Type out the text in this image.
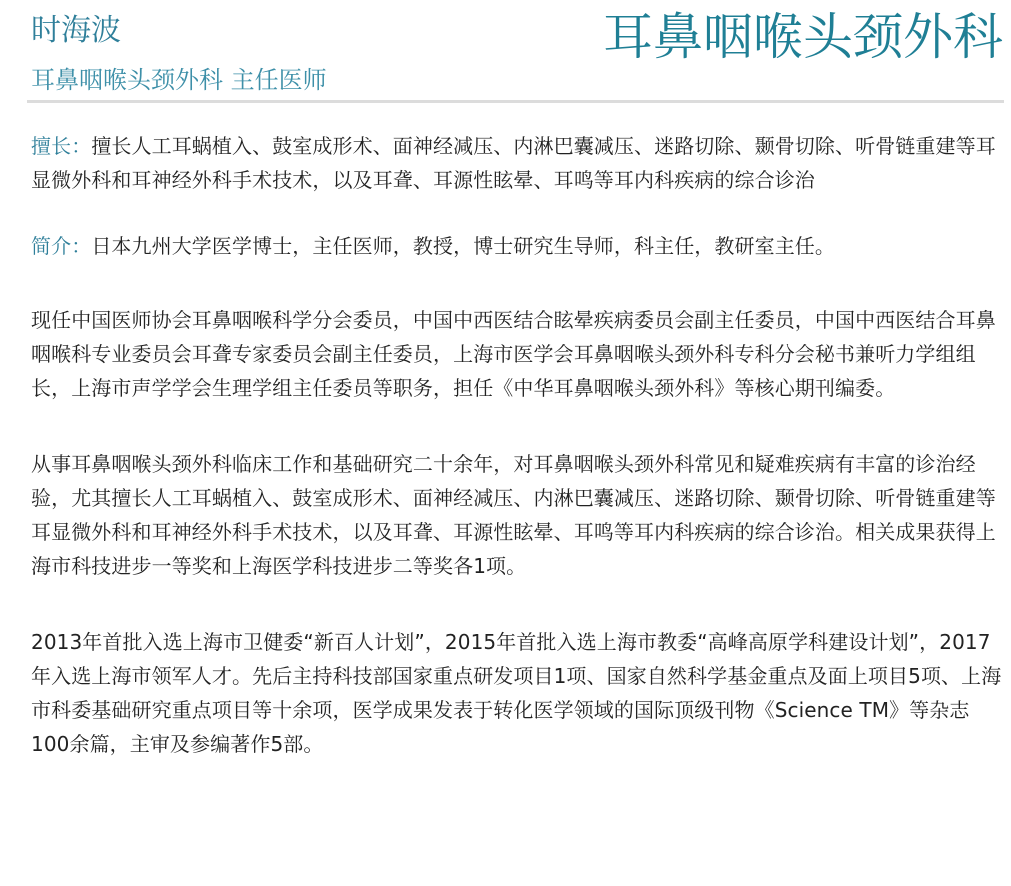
时海波
耳鼻咽喉头颈外科 主任医师
耳鼻咽喉头颈外科

擅长：擅长人工耳蜗植入、鼓室成形术、面神经减压、内淋巴囊减压、迷路切除、颞骨切除、听骨链重建等耳显微外科和耳神经外科手术技术，以及耳聋、耳源性眩晕、耳鸣等耳内科疾病的综合诊治

简介：日本九州大学医学博士，主任医师，教授，博士研究生导师，科主任，教研室主任。

现任中国医师协会耳鼻咽喉科学分会委员，中国中西医结合眩晕疾病委员会副主任委员，中国中西医结合耳鼻咽喉科专业委员会耳聋专家委员会副主任委员，上海市医学会耳鼻咽喉头颈外科专科分会秘书兼听力学组组长，上海市声学学会生理学组主任委员等职务，担任《中华耳鼻咽喉头颈外科》等核心期刊编委。

从事耳鼻咽喉头颈外科临床工作和基础研究二十余年，对耳鼻咽喉头颈外科常见和疑难疾病有丰富的诊治经验，尤其擅长人工耳蜗植入、鼓室成形术、面神经减压、内淋巴囊减压、迷路切除、颞骨切除、听骨链重建等耳显微外科和耳神经外科手术技术，以及耳聋、耳源性眩晕、耳鸣等耳内科疾病的综合诊治。相关成果获得上海市科技进步一等奖和上海医学科技进步二等奖各1项。

2013年首批入选上海市卫健委“新百人计划”，2015年首批入选上海市教委“高峰高原学科建设计划”，2017年入选上海市领军人才。先后主持科技部国家重点研发项目1项、国家自然科学基金重点及面上项目5项、上海市科委基础研究重点项目等十余项，医学成果发表于转化医学领域的国际顶级刊物《Science TM》等杂志100余篇，主审及参编著作5部。
